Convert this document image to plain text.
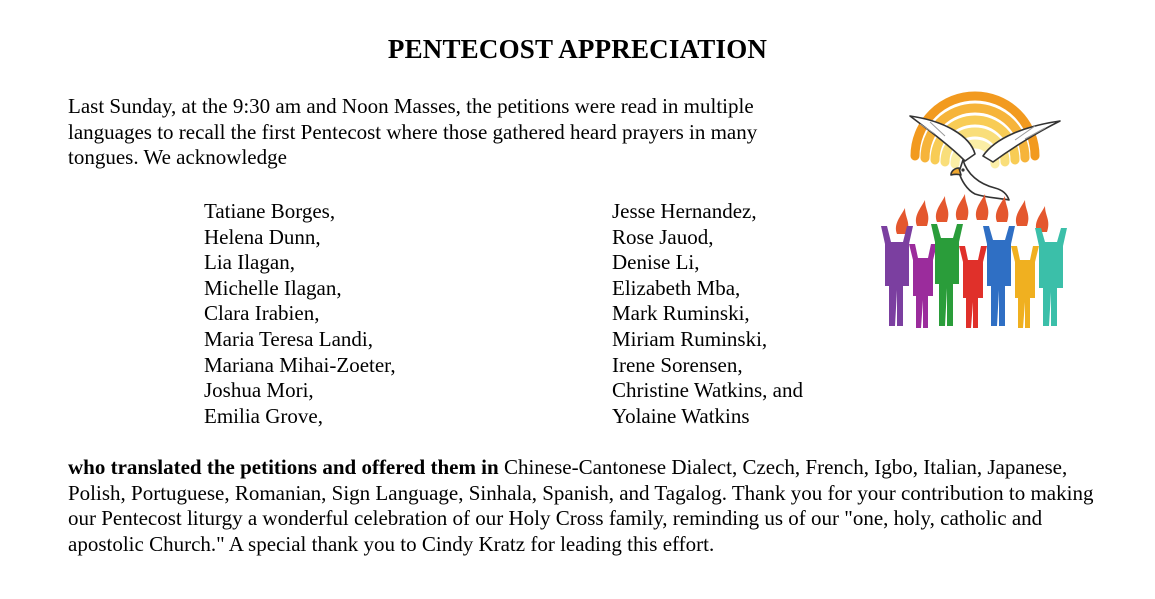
PENTECOST APPRECIATION

Last Sunday, at the 9:30 am and Noon Masses, the petitions were read in multiple languages to recall the first Pentecost where those gathered heard prayers in many tongues. We acknowledge

Tatiane Borges,
Helena Dunn,
Lia Ilagan,
Michelle Ilagan,
Clara Irabien,
Maria Teresa Landi,
Mariana Mihai-Zoeter,
Joshua Mori,
Emilia Grove,
Jesse Hernandez,
Rose Jauod,
Denise Li,
Elizabeth Mba,
Mark Ruminski,
Miriam Ruminski,
Irene Sorensen,
Christine Watkins, and
Yolaine Watkins

who translated the petitions and offered them in Chinese-Cantonese Dialect, Czech, French, Igbo, Italian, Japanese, Polish, Portuguese, Romanian, Sign Language, Sinhala, Spanish, and Tagalog. Thank you for your contribution to making our Pentecost liturgy a wonderful celebration of our Holy Cross family, reminding us of our "one, holy, catholic and apostolic Church." A special thank you to Cindy Kratz for leading this effort.
